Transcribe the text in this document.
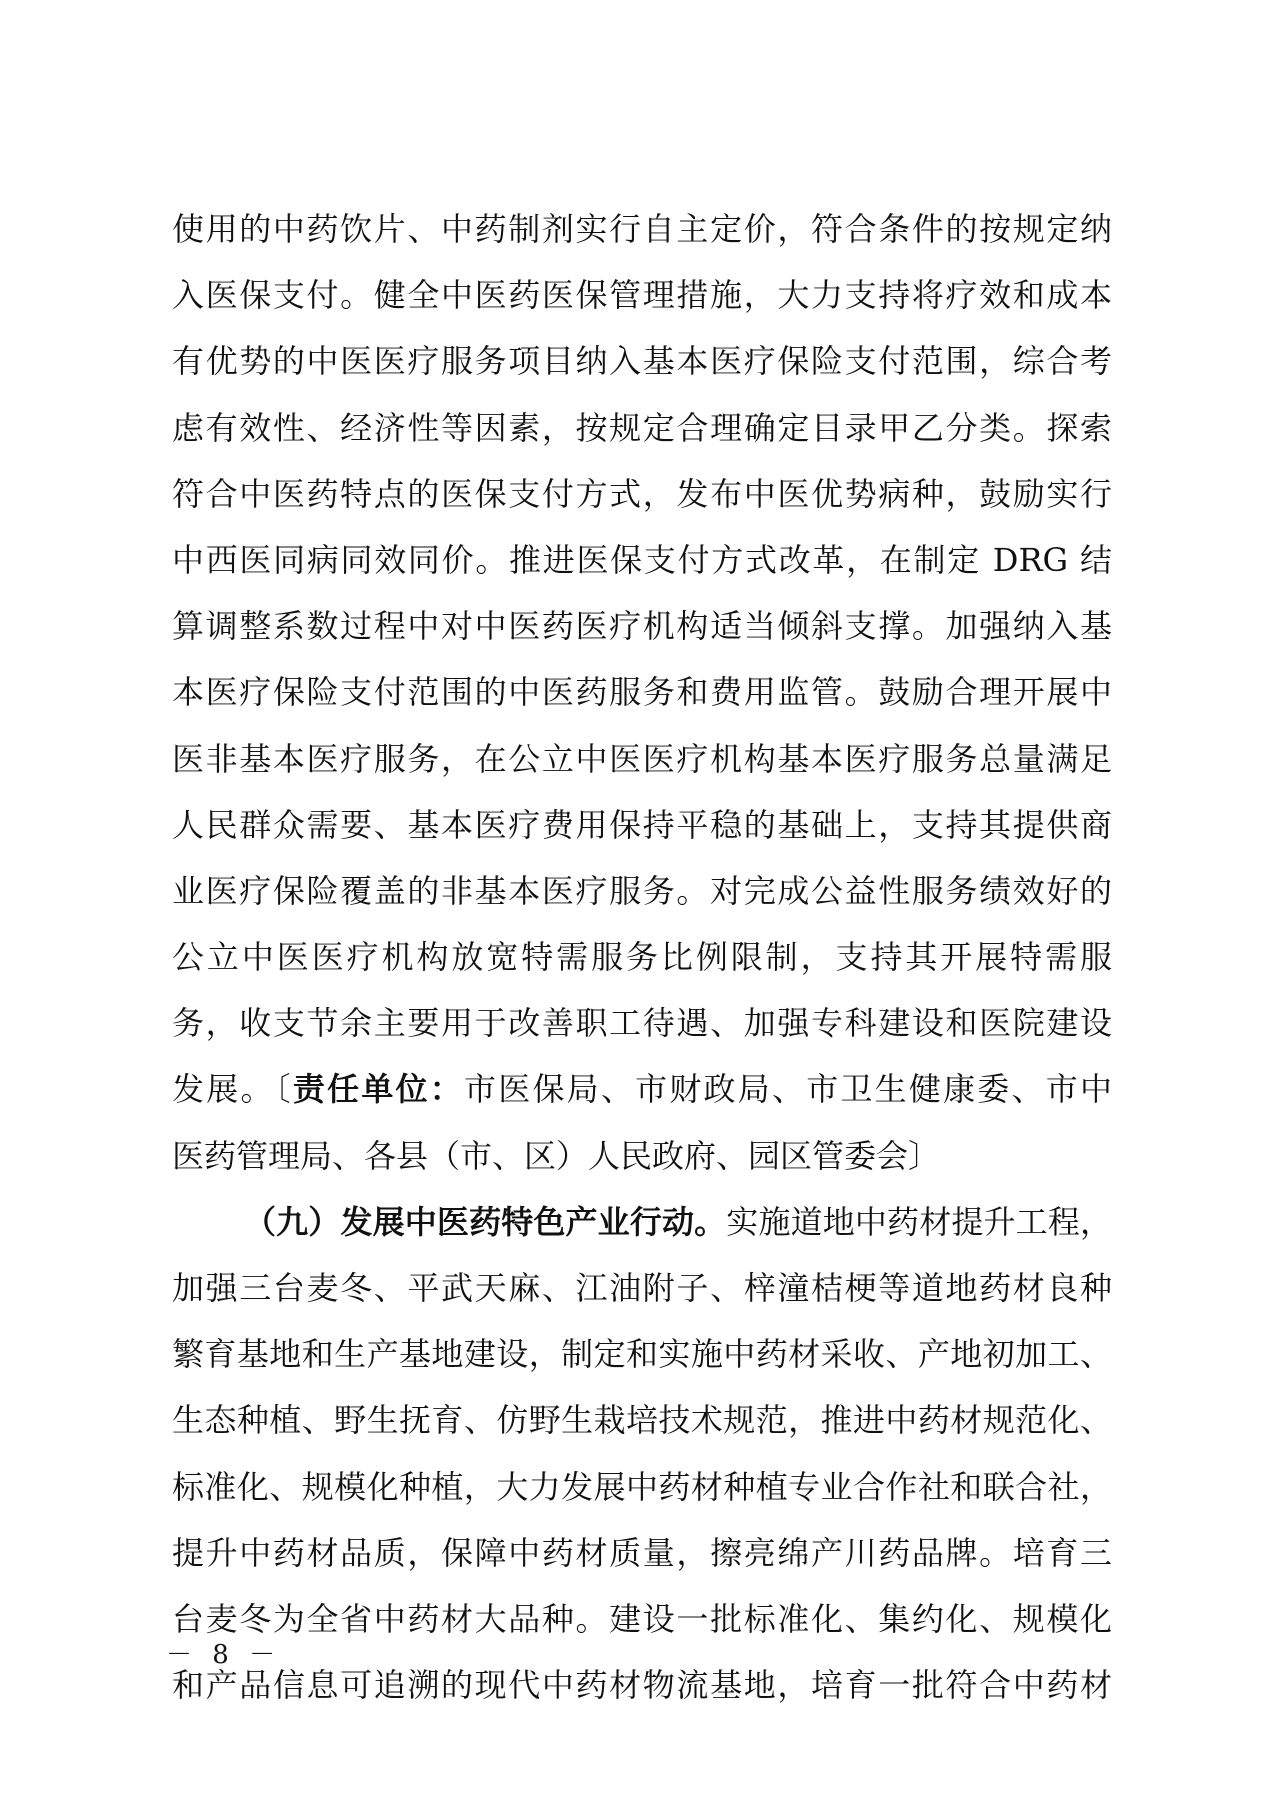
使用的中药饮片、中药制剂实行自主定价，符合条件的按规定纳
入医保支付。健全中医药医保管理措施，大力支持将疗效和成本
有优势的中医医疗服务项目纳入基本医疗保险支付范围，综合考
虑有效性、经济性等因素，按规定合理确定目录甲乙分类。探索
符合中医药特点的医保支付方式，发布中医优势病种，鼓励实行
中西医同病同效同价。推进医保支付方式改革，在制定 DRG 结
算调整系数过程中对中医药医疗机构适当倾斜支撑。加强纳入基
本医疗保险支付范围的中医药服务和费用监管。鼓励合理开展中
医非基本医疗服务，在公立中医医疗机构基本医疗服务总量满足
人民群众需要、基本医疗费用保持平稳的基础上，支持其提供商
业医疗保险覆盖的非基本医疗服务。对完成公益性服务绩效好的
公立中医医疗机构放宽特需服务比例限制，支持其开展特需服
务，收支节余主要用于改善职工待遇、加强专科建设和医院建设
发展。〔责任单位：市医保局、市财政局、市卫生健康委、市中
医药管理局、各县（市、区）人民政府、园区管委会〕
（九）发展中医药特色产业行动。实施道地中药材提升工程，
加强三台麦冬、平武天麻、江油附子、梓潼桔梗等道地药材良种
繁育基地和生产基地建设，制定和实施中药材采收、产地初加工、
生态种植、野生抚育、仿野生栽培技术规范，推进中药材规范化、
标准化、规模化种植，大力发展中药材种植专业合作社和联合社，
提升中药材品质，保障中药材质量，擦亮绵产川药品牌。培育三
台麦冬为全省中药材大品种。建设一批标准化、集约化、规模化
和产品信息可追溯的现代中药材物流基地，培育一批符合中药材
－ 8 －
